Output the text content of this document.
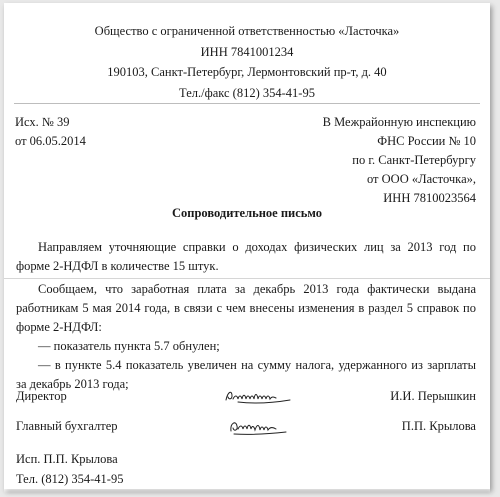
Общество с ограниченной ответственностью «Ласточка»
ИНН 7841001234
190103, Санкт-Петербург, Лермонтовский пр-т, д. 40
Тел./факс (812) 354-41-95
Исх. № 39
от 06.05.2014
В Межрайонную инспекцию
ФНС России № 10
по г. Санкт-Петербургу
от ООО «Ласточка»,
ИНН 7810023564
Сопроводительное письмо

Направляем уточняющие справки о доходах физических лиц за 2013 год по форме 2-НДФЛ в количестве 15 штук.

Сообщаем, что заработная плата за декабрь 2013 года фактически выдана работникам 5 мая 2014 года, в связи с чем внесены изменения в раздел 5 справок по форме 2-НДФЛ:

— показатель пункта 5.7 обнулен;

— в пункте 5.4 показатель увеличен на сумму налога, удержанного из зарплаты за декабрь 2013 года;

Директор	И.И. Перышкин
Главный бухгалтер	П.П. Крылова
Исп. П.П. Крылова
Тел. (812) 354-41-95
